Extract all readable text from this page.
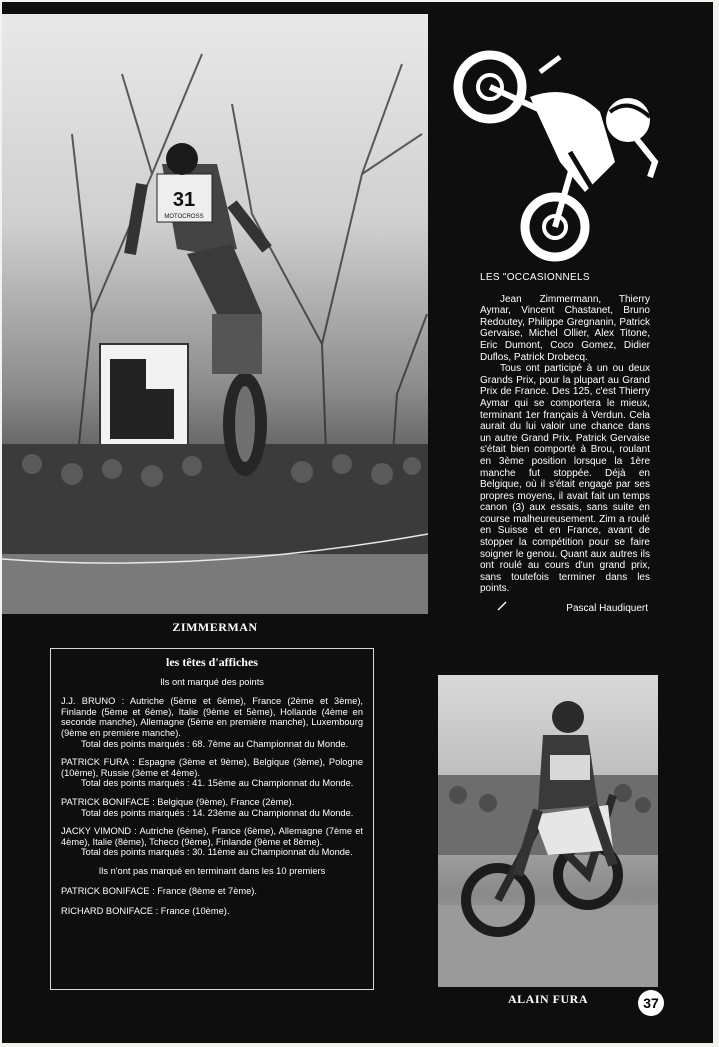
31
MOTOCROSS
ZIMMERMAN
LES "OCCASIONNELS

Jean Zimmermann, Thierry Aymar, Vincent Chastanet, Bruno Redoutey, Philippe Gregnanin, Patrick Gervaise, Michel Ollier, Alex Titone, Eric Dumont, Coco Gomez, Didier Duflos, Patrick Drobecq.

Tous ont participé à un ou deux Grands Prix, pour la plupart au Grand Prix de France. Des 125, c'est Thierry Aymar qui se comportera le mieux, terminant 1er français à Verdun. Cela aurait du lui valoir une chance dans un autre Grand Prix. Patrick Gervaise s'était bien comporté à Brou, roulant en 3ème position lorsque la 1ère manche fut stoppée. Déjà en Belgique, où il s'était engagé par ses propres moyens, il avait fait un temps canon (3) aux essais, sans suite en course malheureusement. Zim a roulé en Suisse et en France, avant de stopper la compétition pour se faire soigner le genou. Quant aux autres ils ont roulé au cours d'un grand prix, sans toutefois terminer dans les points.

Pascal Haudiquert
les têtes d'affiches
Ils ont marqué des points
J.J. BRUNO : Autriche (5ème et 6ème), France (2ème et 3ème), Finlande (5ème et 6ème), Italie (9ème et 5ème), Hollande (4ème en seconde manche), Allemagne (5ème en première manche), Luxembourg (9ème en première manche).
Total des points marqués : 68. 7ème au Championnat du Monde.
PATRICK FURA : Espagne (3ème et 9ème), Belgique (3ème), Pologne (10ème), Russie (3ème et 4ème).
Total des points marqués : 41. 15ème au Championnat du Monde.
PATRICK BONIFACE : Belgique (9ème), France (2ème).
Total des points marqués : 14. 23ème au Championnat du Monde.
JACKY VIMOND : Autriche (6ème), France (6ème), Allemagne (7ème et 4ème), Italie (8ème), Tcheco (9ème), Finlande (9ème et 8ème).
Total des points marqués : 30. 11ème au Championnat du Monde.
Ils n'ont pas marqué en terminant dans les 10 premiers
PATRICK BONIFACE : France (8ème et 7ème).
RICHARD BONIFACE : France (10ème).
ALAIN FURA	37
